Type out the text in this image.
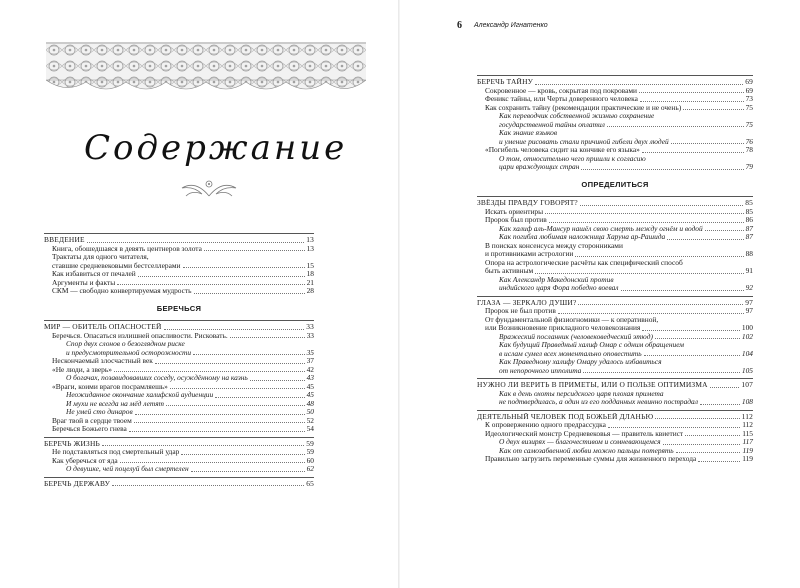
Содержание
ВВЕДЕНИЕ	13
Книга, обошедшаяся в девять центнеров золота	13
Трактаты для одного читателя,
ставшие средневековыми бестселлерами	15
Как избавиться от печалей	18
Аргументы и факты	21
СКМ — свободно конвертируемая мудрость	28
БЕРЕЧЬСЯ
МИР — ОБИТЕЛЬ ОПАСНОСТЕЙ	33
Беречься. Опасаться излишней опасливости. Рисковать.	33
Спор двух слонов о безоглядном риске
и предусмотрительной осторожности	35
Нескончаемый злосчастный век	37
«Не люди, а зверь»	42
О богачах, позавидовавших соседу, осуждённому на казнь	43
«Враги, коими врагов посрамляешь»	45
Неожиданное окончание халифской аудиенции	45
И мухи не всегда на мёд летят	48
Не умей сто динаров	50
Враг твой в сердце твоем	52
Беречься Божьего гнева	54
БЕРЕЧЬ ЖИЗНЬ	59
Не подставляться под смертельный удар	59
Как уберечься от яда	60
О девушке, чей поцелуй был смертелен	62
БЕРЕЧЬ ДЕРЖАВУ	65
6 Александр Игнатенко
БЕРЕЧЬ ТАЙНУ	69
Сокровенное — кровь, сокрытая под покровами	69
Феникс тайны, или Черты доверенного человека	73
Как сохранить тайну (рекомендации практические и не очень)	75
Как переводчик собственной жизнью сохранение
государственной тайны оплатил	75
Как знание языков
и умение рисовать стали причиной гибели двух людей	76
«Погибель человека сидит на кончике его языка»	78
О том, относительно чего пришли к согласию
цари враждующих стран	79
ОПРЕДЕЛИТЬСЯ
ЗВЁЗДЫ ПРАВДУ ГОВОРЯТ?	85
Искать ориентиры	85
Пророк был против	86
Как халиф аль-Мансур нашёл свою смерть между огнём и водой	87
Как погибла любимая наложница Харуна ар-Рашида	87
В поисках консенсуса между сторонниками
и противниками астрологии	88
Опора на астрологические расчёты как специфический способ
быть активным	91
Как Александр Македонский против
индийского царя Фора победно воевал	92
ГЛАЗА — ЗЕРКАЛО ДУШИ?	97
Пророк не был против	97
От фундаментальной физиогномики — к оперативной,
или Возникновение прикладного человекознания	100
Вражеский посланник (человековедческий этюд)	102
Как будущий Праведный халиф Омар с одним обращением
в ислам сумел всех моментально оповестить	104
Как Праведному халифу Омару удалось избавиться
от непорочного ипполита	105
НУЖНО ЛИ ВЕРИТЬ В ПРИМЕТЫ, ИЛИ О ПОЛЬЗЕ ОПТИМИЗМА	107
Как в день охоты персидского царя плохая примета
не подтвердилась, а один из его подданных невинно пострадал	108
ДЕЯТЕЛЬНЫЙ ЧЕЛОВЕК ПОД БОЖЬЕЙ ДЛАНЬЮ	112
К опровержению одного предрассудка	112
Идеологический монстр Средневековья — правитель квиетист	115
О двух визирях — благочестивом и сомневающемся	117
Как от самозабвенной любви можно пальцы потерять	119
Правильно загрузить переменные суммы для жизненного перехода	119
